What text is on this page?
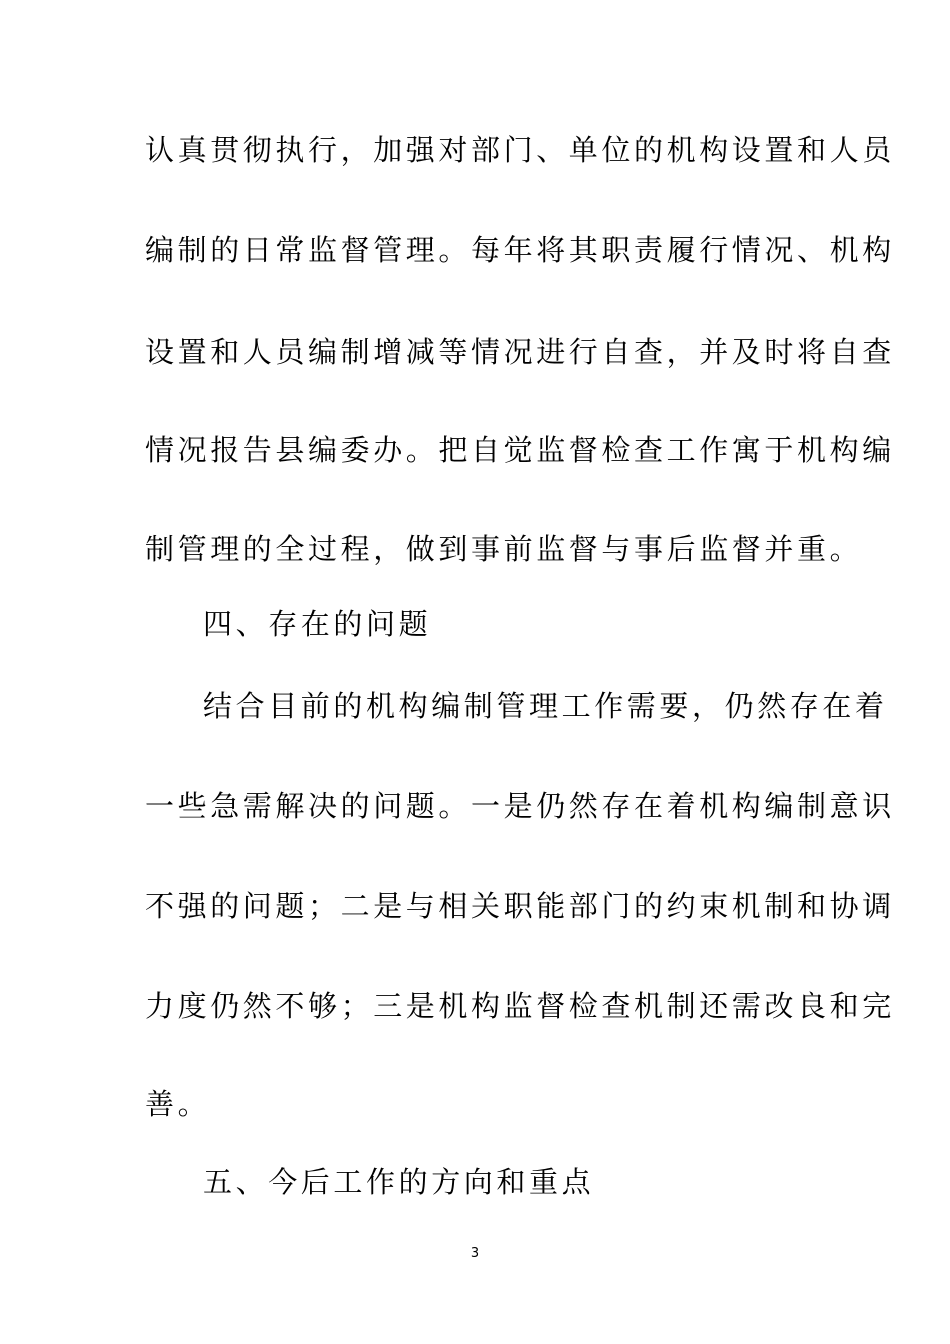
认真贯彻执行，加强对部门、单位的机构设置和人员
编制的日常监督管理。每年将其职责履行情况、机构
设置和人员编制增减等情况进行自查，并及时将自查
情况报告县编委办。把自觉监督检查工作寓于机构编
制管理的全过程，做到事前监督与事后监督并重。
四、存在的问题
结合目前的机构编制管理工作需要，仍然存在着
一些急需解决的问题。一是仍然存在着机构编制意识
不强的问题；二是与相关职能部门的约束机制和协调
力度仍然不够；三是机构监督检查机制还需改良和完
善。
五、今后工作的方向和重点
3
